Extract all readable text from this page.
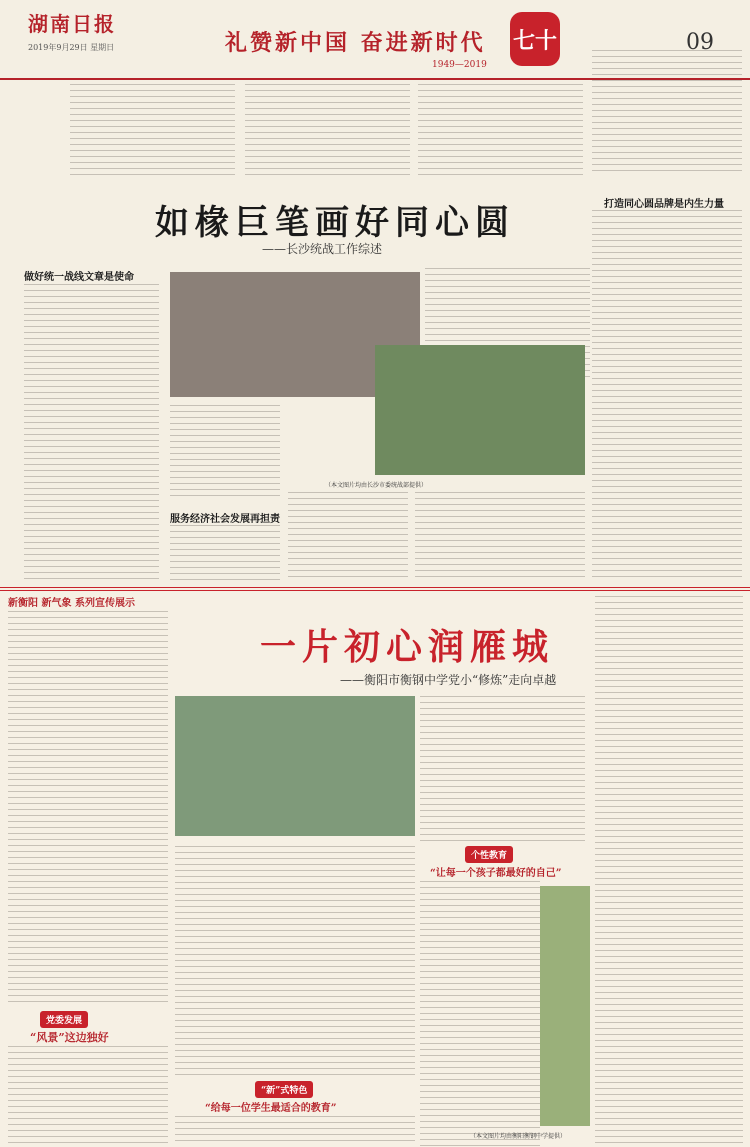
湖南日报
2019年9月29日 星期日	礼赞新中国 奋进新时代
1949—2019
七十	09
如椽巨笔画好同心圆
——长沙统战工作综述
做好统一战线文章是使命
（本文图片均由长沙市委统战部提供）
服务经济社会发展再担责
打造同心圆品牌是内生力量
新衡阳 新气象 系列宣传展示
一片初心润雁城
——衡阳市衡钢中学党小“修炼”走向卓越
党委发展
“风景”这边独好
个性教育
“让每一个孩子都最好的自己”
（本文图片均由衡阳衡钢中学提供）
“新”式特色
“给每一位学生最适合的教育”
